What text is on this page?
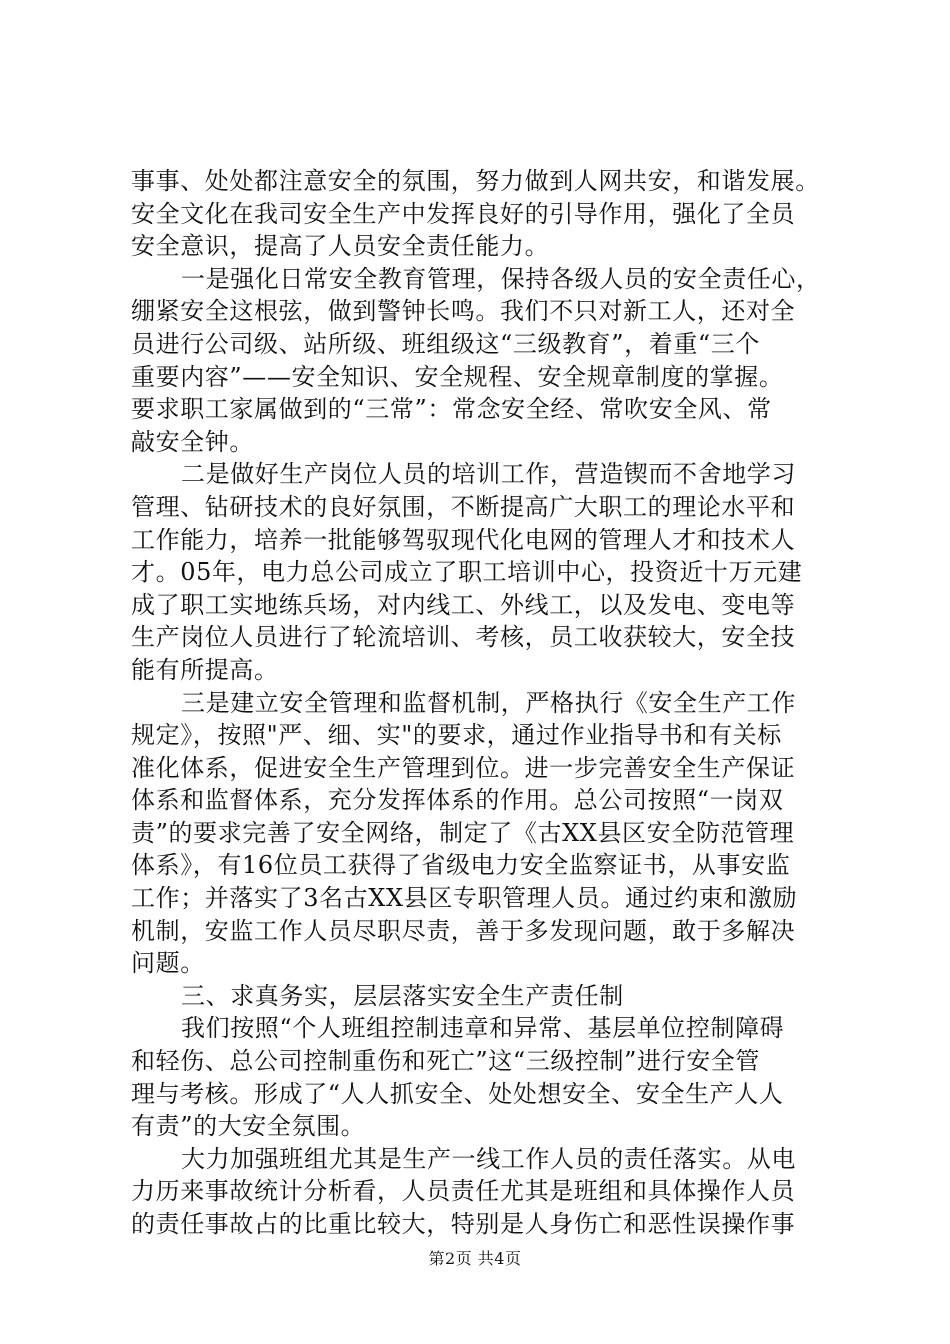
事事、处处都注意安全的氛围，努力做到人网共安，和谐发展。
安全文化在我司安全生产中发挥良好的引导作用，强化了全员
安全意识，提高了人员安全责任能力。
一是强化日常安全教育管理，保持各级人员的安全责任心，
绷紧安全这根弦，做到警钟长鸣。我们不只对新工人，还对全
员进行公司级、站所级、班组级这“三级教育”，着重“三个
重要内容”——安全知识、安全规程、安全规章制度的掌握。
要求职工家属做到的“三常”：常念安全经、常吹安全风、常
敲安全钟。
二是做好生产岗位人员的培训工作，营造锲而不舍地学习
管理、钻研技术的良好氛围，不断提高广大职工的理论水平和
工作能力，培养一批能够驾驭现代化电网的管理人才和技术人
才。05年，电力总公司成立了职工培训中心，投资近十万元建
成了职工实地练兵场，对内线工、外线工，以及发电、变电等
生产岗位人员进行了轮流培训、考核，员工收获较大，安全技
能有所提高。
三是建立安全管理和监督机制，严格执行《安全生产工作
规定》，按照"严、细、实"的要求，通过作业指导书和有关标
准化体系，促进安全生产管理到位。进一步完善安全生产保证
体系和监督体系，充分发挥体系的作用。总公司按照“一岗双
责”的要求完善了安全网络，制定了《古XX县区安全防范管理
体系》，有16位员工获得了省级电力安全监察证书，从事安监
工作；并落实了3名古XX县区专职管理人员。通过约束和激励
机制，安监工作人员尽职尽责，善于多发现问题，敢于多解决
问题。
三、求真务实，层层落实安全生产责任制
我们按照“个人班组控制违章和异常、基层单位控制障碍
和轻伤、总公司控制重伤和死亡”这“三级控制”进行安全管
理与考核。形成了“人人抓安全、处处想安全、安全生产人人
有责”的大安全氛围。
大力加强班组尤其是生产一线工作人员的责任落实。从电
力历来事故统计分析看，人员责任尤其是班组和具体操作人员
的责任事故占的比重比较大，特别是人身伤亡和恶性误操作事
第2页 共4页
